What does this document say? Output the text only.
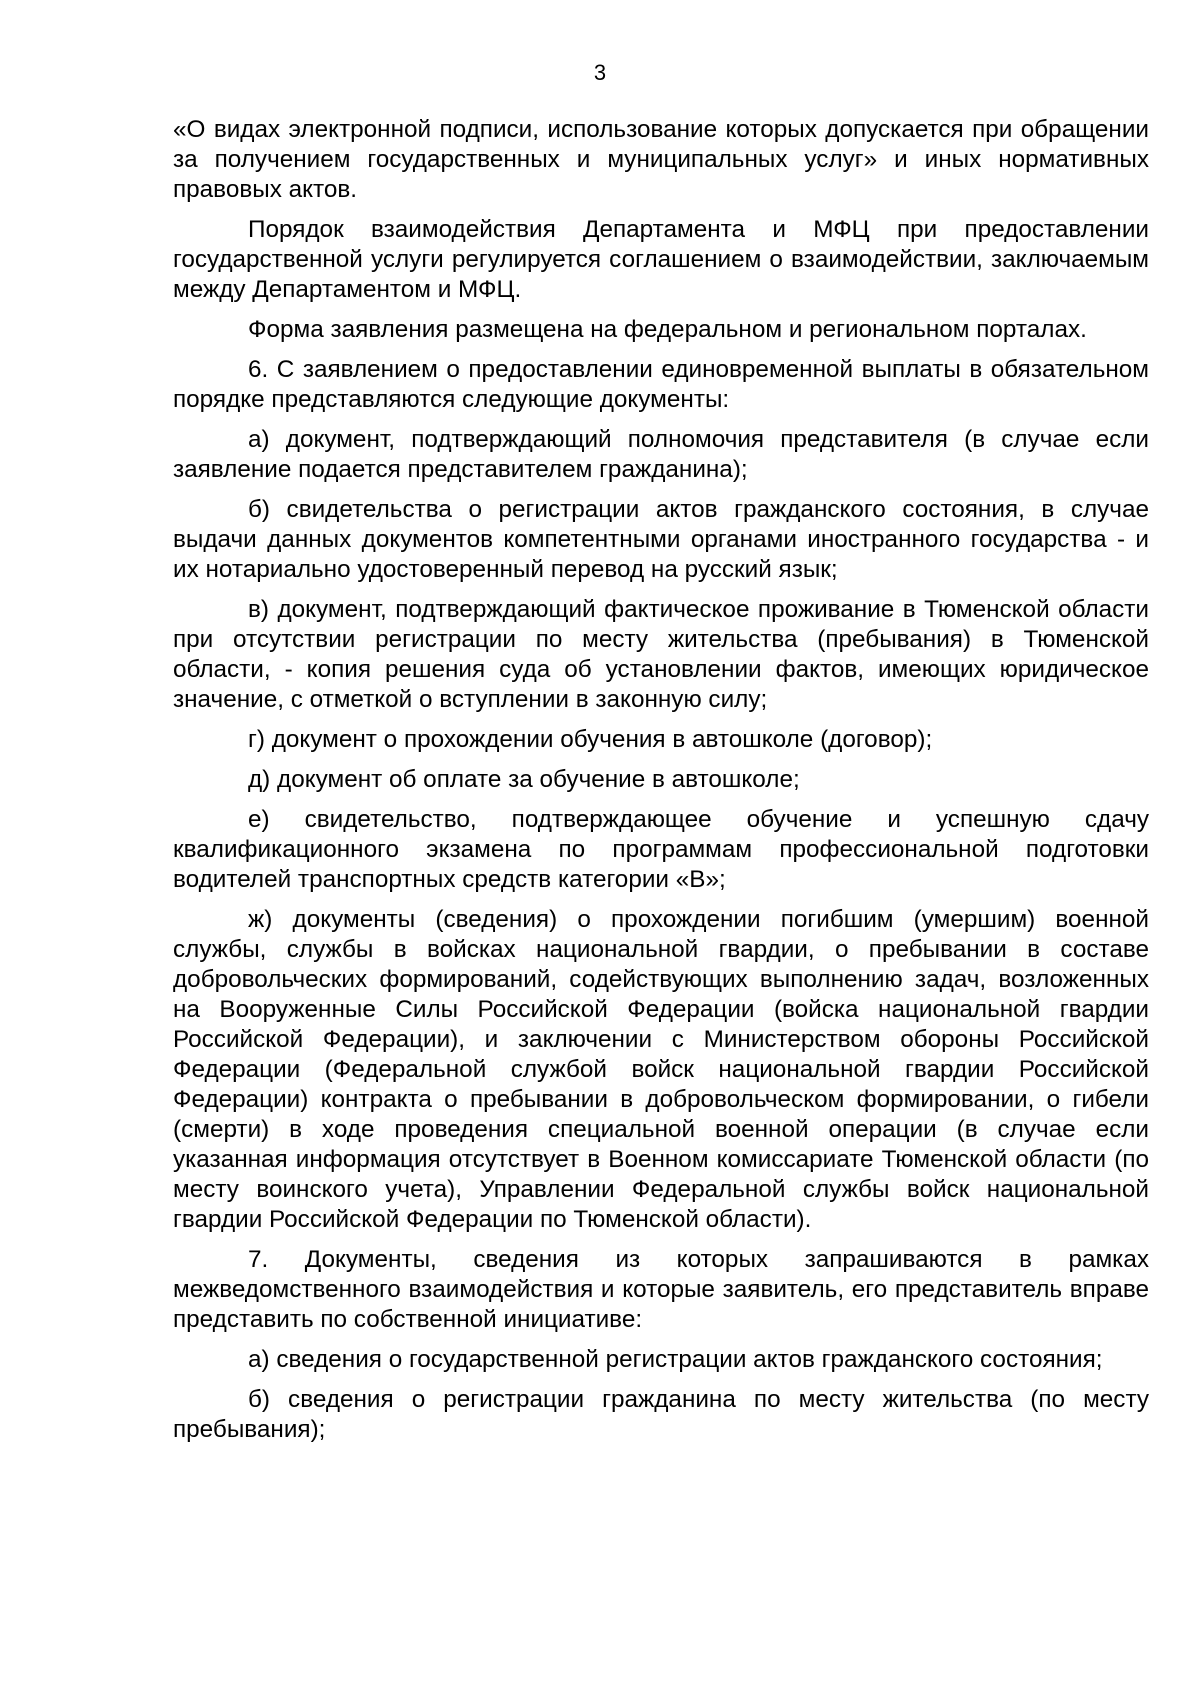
3

«О видах электронной подписи, использование которых допускается при обращении за получением государственных и муниципальных услуг» и иных нормативных правовых актов.

Порядок взаимодействия Департамента и МФЦ при предоставлении государственной услуги регулируется соглашением о взаимодействии, заключаемым между Департаментом и МФЦ.

Форма заявления размещена на федеральном и региональном порталах.

6. С заявлением о предоставлении единовременной выплаты в обязательном порядке представляются следующие документы:

а) документ, подтверждающий полномочия представителя (в случае если заявление подается представителем гражданина);

б) свидетельства о регистрации актов гражданского состояния, в случае выдачи данных документов компетентными органами иностранного государства - и их нотариально удостоверенный перевод на русский язык;

в) документ, подтверждающий фактическое проживание в Тюменской области при отсутствии регистрации по месту жительства (пребывания) в Тюменской области, - копия решения суда об установлении фактов, имеющих юридическое значение, с отметкой о вступлении в законную силу;

г) документ о прохождении обучения в автошколе (договор);

д) документ об оплате за обучение в автошколе;

е) свидетельство, подтверждающее обучение и успешную сдачу квалификационного экзамена по программам профессиональной подготовки водителей транспортных средств категории «В»;

ж) документы (сведения) о прохождении погибшим (умершим) военной службы, службы в войсках национальной гвардии, о пребывании в составе добровольческих формирований, содействующих выполнению задач, возложенных на Вооруженные Силы Российской Федерации (войска национальной гвардии Российской Федерации), и заключении с Министерством обороны Российской Федерации (Федеральной службой войск национальной гвардии Российской Федерации) контракта о пребывании в добровольческом формировании, о гибели (смерти) в ходе проведения специальной военной операции (в случае если указанная информация отсутствует в Военном комиссариате Тюменской области (по месту воинского учета), Управлении Федеральной службы войск национальной гвардии Российской Федерации по Тюменской области).

7. Документы, сведения из которых запрашиваются в рамках межведомственного взаимодействия и которые заявитель, его представитель вправе представить по собственной инициативе:

а) сведения о государственной регистрации актов гражданского состояния;

б) сведения о регистрации гражданина по месту жительства (по месту пребывания);
